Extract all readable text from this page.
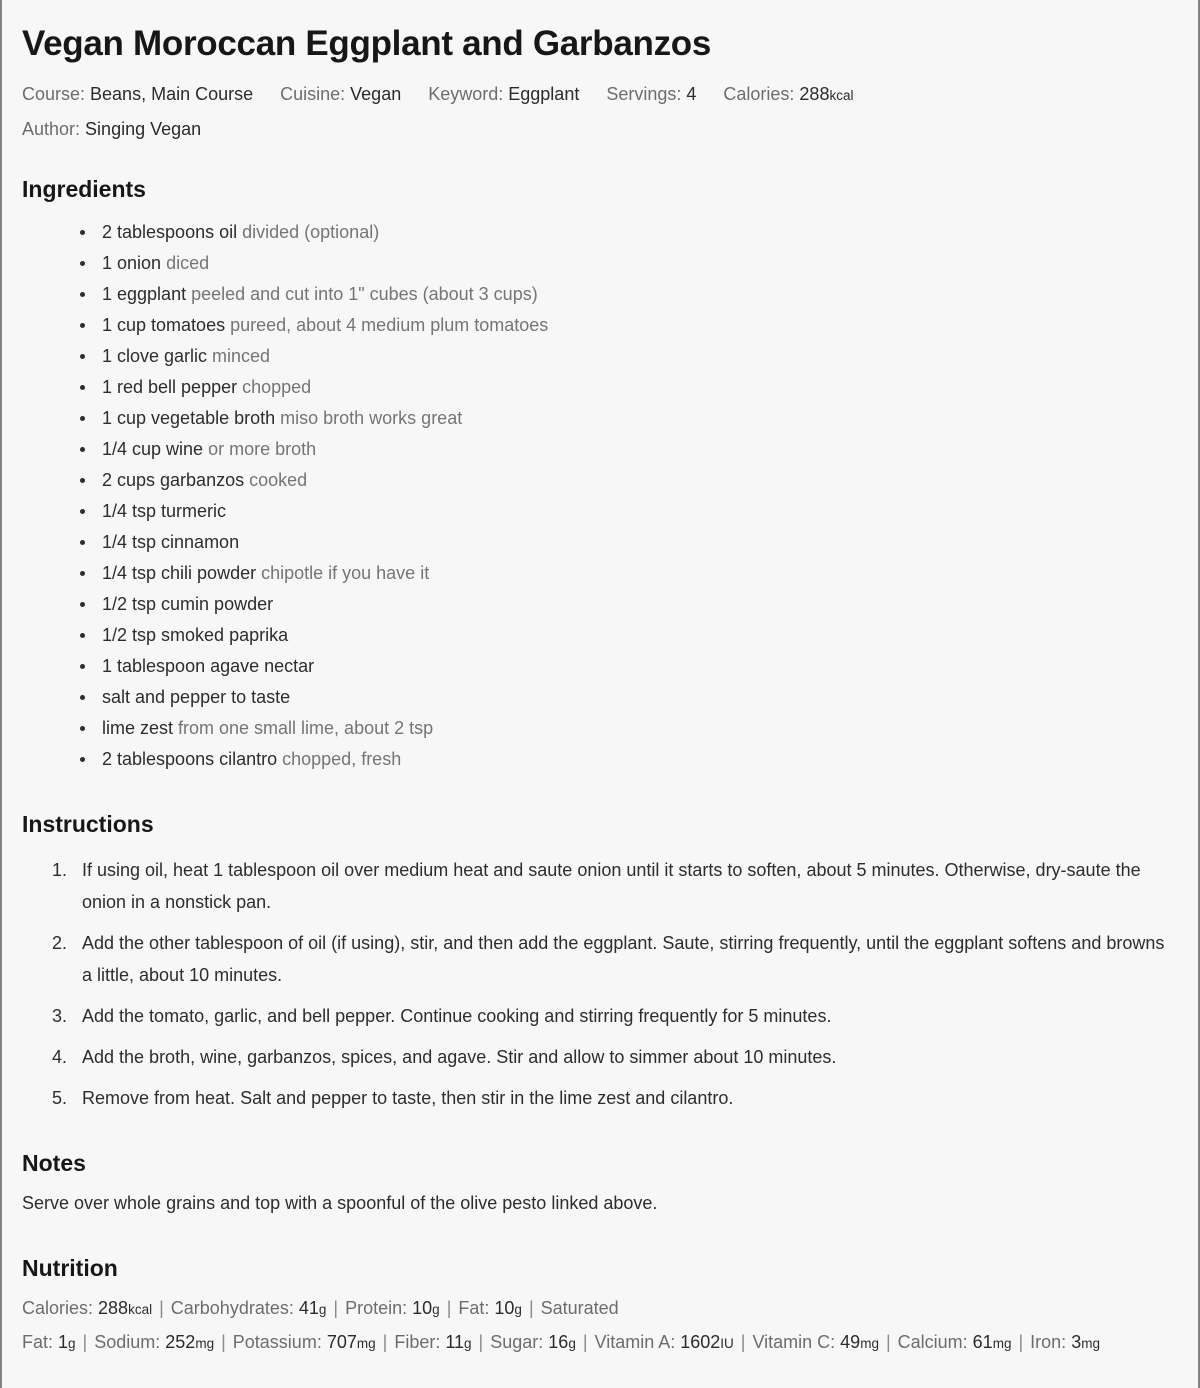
Vegan Moroccan Eggplant and Garbanzos
Course: Beans, Main Course Cuisine: Vegan Keyword: Eggplant Servings: 4 Calories: 288kcal
Author: Singing Vegan
Ingredients
2 tablespoons oil divided (optional)
1 onion diced
1 eggplant peeled and cut into 1" cubes (about 3 cups)
1 cup tomatoes pureed, about 4 medium plum tomatoes
1 clove garlic minced
1 red bell pepper chopped
1 cup vegetable broth miso broth works great
1/4 cup wine or more broth
2 cups garbanzos cooked
1/4 tsp turmeric
1/4 tsp cinnamon
1/4 tsp chili powder chipotle if you have it
1/2 tsp cumin powder
1/2 tsp smoked paprika
1 tablespoon agave nectar
salt and pepper to taste
lime zest from one small lime, about 2 tsp
2 tablespoons cilantro chopped, fresh
Instructions
1. If using oil, heat 1 tablespoon oil over medium heat and saute onion until it starts to soften, about 5 minutes. Otherwise, dry-saute the onion in a nonstick pan.
2. Add the other tablespoon of oil (if using), stir, and then add the eggplant. Saute, stirring frequently, until the eggplant softens and browns a little, about 10 minutes.
3. Add the tomato, garlic, and bell pepper. Continue cooking and stirring frequently for 5 minutes.
4. Add the broth, wine, garbanzos, spices, and agave. Stir and allow to simmer about 10 minutes.
5. Remove from heat. Salt and pepper to taste, then stir in the lime zest and cilantro.
Notes
Serve over whole grains and top with a spoonful of the olive pesto linked above.
Nutrition
Calories: 288kcal | Carbohydrates: 41g | Protein: 10g | Fat: 10g | Saturated Fat: 1g | Sodium: 252mg | Potassium: 707mg | Fiber: 11g | Sugar: 16g | Vitamin A: 1602IU | Vitamin C: 49mg | Calcium: 61mg | Iron: 3mg
